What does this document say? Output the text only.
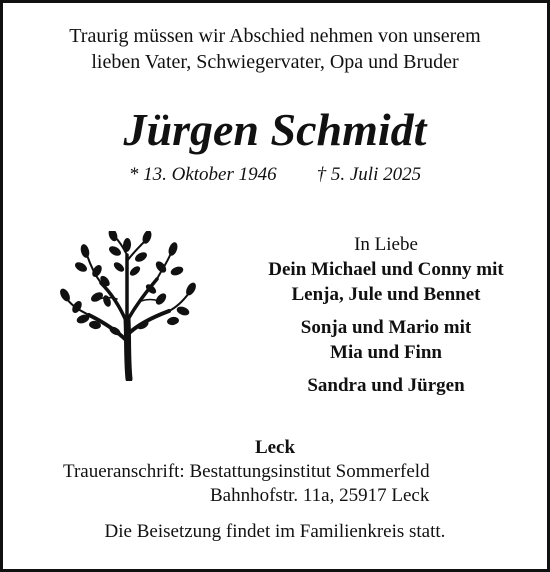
Traurig müssen wir Abschied nehmen von unserem
lieben Vater, Schwiegervater, Opa und Bruder
Jürgen Schmidt
* 13. Oktober 1946 † 5. Juli 2025
In Liebe
Dein Michael und Conny mit
Lenja, Jule und Bennet
Sonja und Mario mit
Mia und Finn
Sandra und Jürgen
Leck
Traueranschrift: Bestattungsinstitut Sommerfeld
Bahnhofstr. 11a, 25917 Leck
Die Beisetzung findet im Familienkreis statt.
